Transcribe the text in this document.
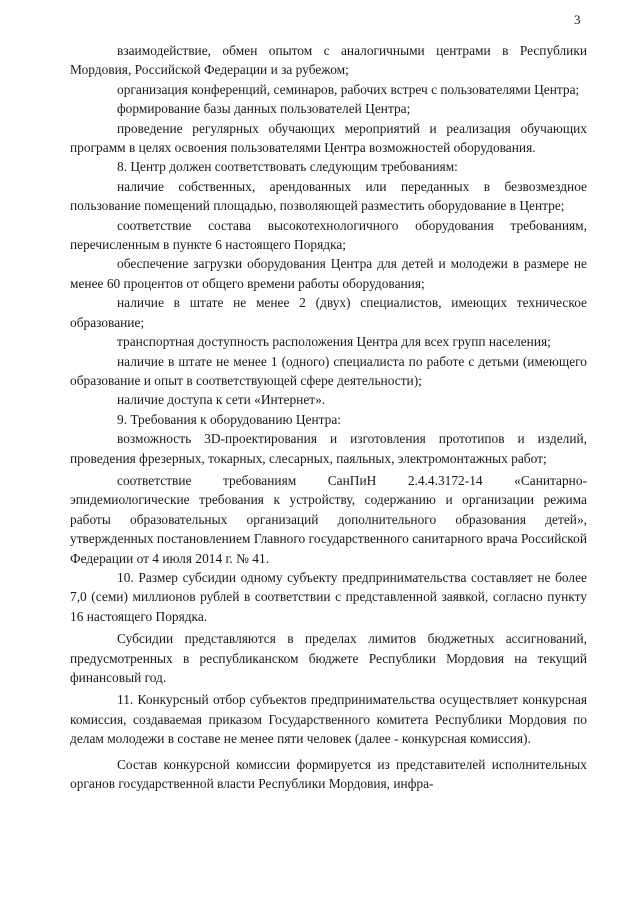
3

взаимодействие, обмен опытом с аналогичными центрами в Республики Мордовия, Российской Федерации и за рубежом;

организация конференций, семинаров, рабочих встреч с пользователями Центра;

формирование базы данных пользователей Центра;

проведение регулярных обучающих мероприятий и реализация обучающих программ в целях освоения пользователями Центра возможностей оборудования.

8. Центр должен соответствовать следующим требованиям:

наличие собственных, арендованных или переданных в безвозмездное пользование помещений площадью, позволяющей разместить оборудование в Центре;

соответствие состава высокотехнологичного оборудования требованиям, перечисленным в пункте 6 настоящего Порядка;

обеспечение загрузки оборудования Центра для детей и молодежи в размере не менее 60 процентов от общего времени работы оборудования;

наличие в штате не менее 2 (двух) специалистов, имеющих техническое образование;

транспортная доступность расположения Центра для всех групп населения;

наличие в штате не менее 1 (одного) специалиста по работе с детьми (имеющего образование и опыт в соответствующей сфере деятельности);

наличие доступа к сети «Интернет».

9. Требования к оборудованию Центра:

возможность 3D-проектирования и изготовления прототипов и изделий, проведения фрезерных, токарных, слесарных, паяльных, электромонтажных работ;

соответствие требованиям СанПиН 2.4.4.3172-14 «Санитарно-эпидемиологические требования к устройству, содержанию и организации режима работы образовательных организаций дополнительного образования детей», утвержденных постановлением Главного государственного санитарного врача Российской Федерации от 4 июля 2014 г. № 41.

10. Размер субсидии одному субъекту предпринимательства составляет не более 7,0 (семи) миллионов рублей в соответствии с представленной заявкой, согласно пункту 16 настоящего Порядка.

Субсидии представляются в пределах лимитов бюджетных ассигнований, предусмотренных в республиканском бюджете Республики Мордовия на текущий финансовый год.

11. Конкурсный отбор субъектов предпринимательства осуществляет конкурсная комиссия, создаваемая приказом Государственного комитета Республики Мордовия по делам молодежи в составе не менее пяти человек (далее - конкурсная комиссия).

Состав конкурсной комиссии формируется из представителей исполнительных органов государственной власти Республики Мордовия, инфра-

. .
